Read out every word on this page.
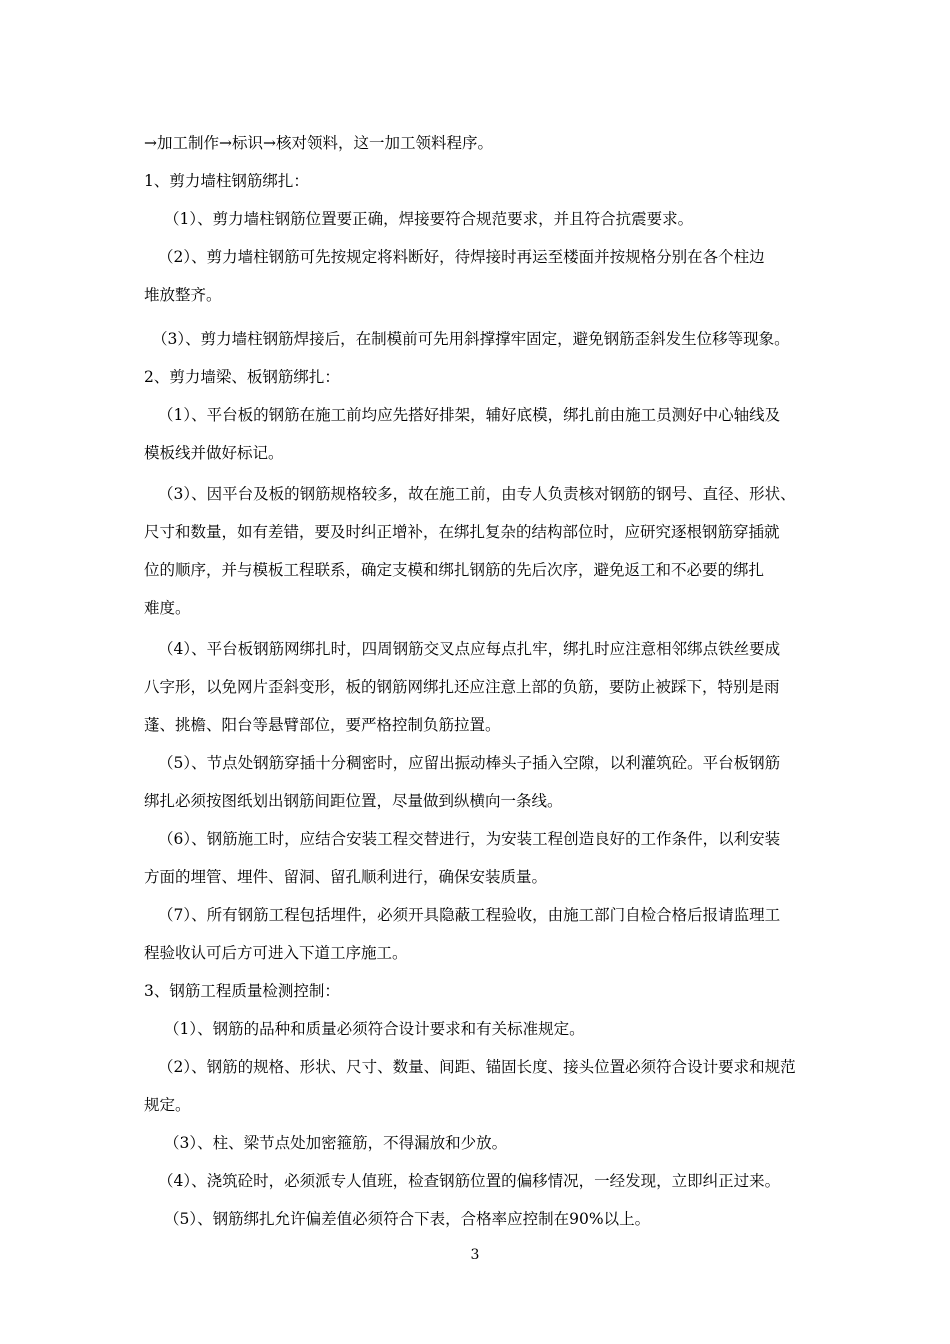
→加工制作→标识→核对领料，这一加工领料程序。

1、剪力墙柱钢筋绑扎：

（1）、剪力墙柱钢筋位置要正确，焊接要符合规范要求，并且符合抗震要求。

（2）、剪力墙柱钢筋可先按规定将料断好，待焊接时再运至楼面并按规格分别在各个柱边

堆放整齐。

（3）、剪力墙柱钢筋焊接后，在制模前可先用斜撑撑牢固定，避免钢筋歪斜发生位移等现象。

2、剪力墙梁、板钢筋绑扎：

（1）、平台板的钢筋在施工前均应先搭好排架，辅好底模，绑扎前由施工员测好中心轴线及

模板线并做好标记。

（3）、因平台及板的钢筋规格较多，故在施工前，由专人负责核对钢筋的钢号、直径、形状、

尺寸和数量，如有差错，要及时纠正增补，在绑扎复杂的结构部位时，应研究逐根钢筋穿插就

位的顺序，并与模板工程联系，确定支模和绑扎钢筋的先后次序，避免返工和不必要的绑扎

难度。

（4）、平台板钢筋网绑扎时，四周钢筋交叉点应每点扎牢，绑扎时应注意相邻绑点铁丝要成

八字形，以免网片歪斜变形，板的钢筋网绑扎还应注意上部的负筋，要防止被踩下，特别是雨

蓬、挑檐、阳台等悬臂部位，要严格控制负筋拉置。

（5）、节点处钢筋穿插十分稠密时，应留出振动棒头子插入空隙，以利灌筑砼。平台板钢筋

绑扎必须按图纸划出钢筋间距位置，尽量做到纵横向一条线。

（6）、钢筋施工时，应结合安装工程交替进行，为安装工程创造良好的工作条件，以利安装

方面的埋管、埋件、留洞、留孔顺利进行，确保安装质量。

（7）、所有钢筋工程包括埋件，必须开具隐蔽工程验收，由施工部门自检合格后报请监理工

程验收认可后方可进入下道工序施工。

3、钢筋工程质量检测控制：

（1）、钢筋的品种和质量必须符合设计要求和有关标准规定。

（2）、钢筋的规格、形状、尺寸、数量、间距、锚固长度、接头位置必须符合设计要求和规范

规定。

（3）、柱、梁节点处加密箍筋，不得漏放和少放。

（4）、浇筑砼时，必须派专人值班，检查钢筋位置的偏移情况，一经发现，立即纠正过来。

（5）、钢筋绑扎允许偏差值必须符合下表，合格率应控制在90%以上。

3
